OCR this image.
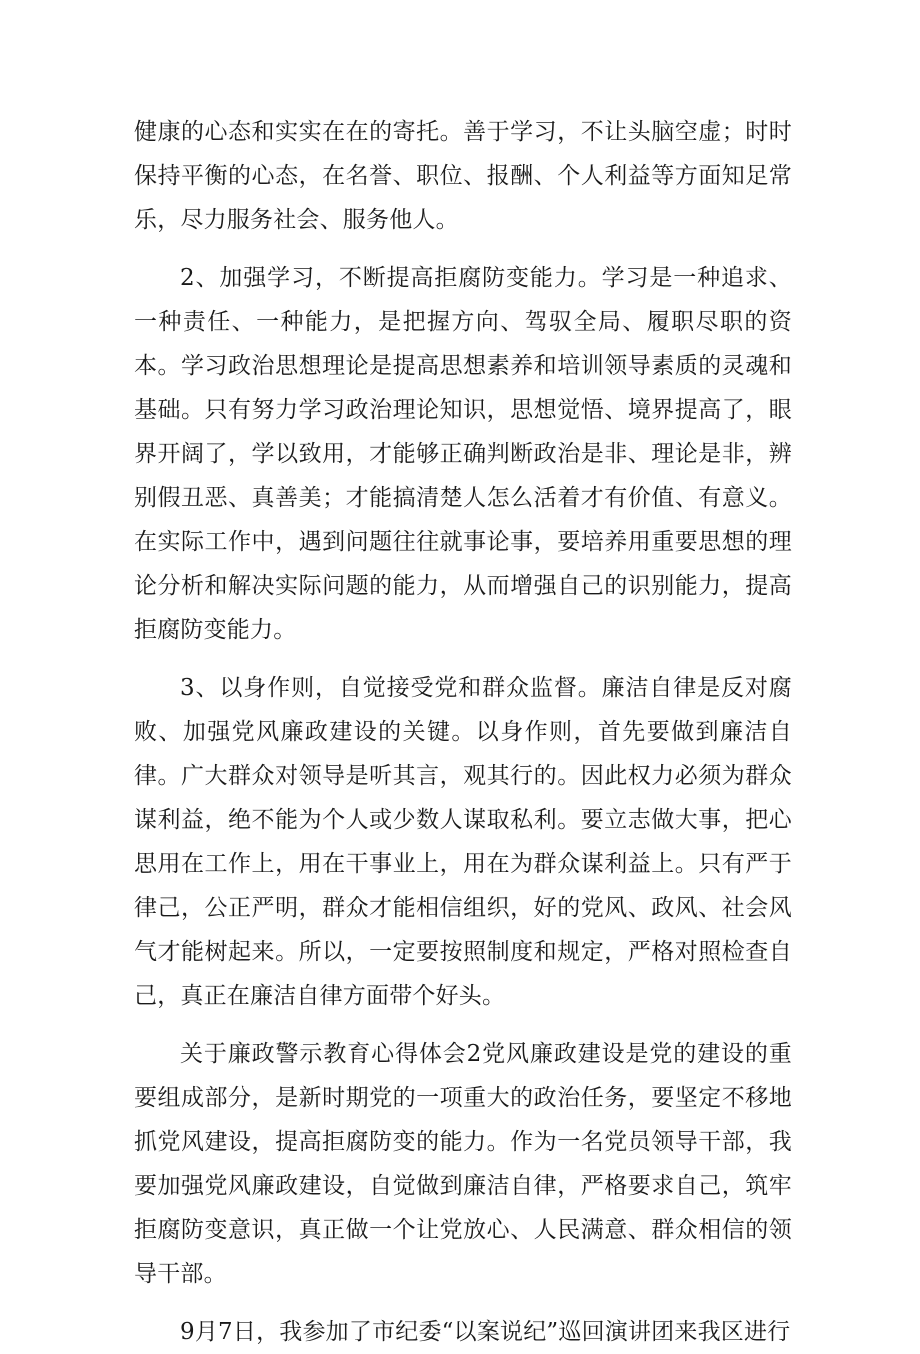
健康的心态和实实在在的寄托。善于学习，不让头脑空虚；时时保持平衡的心态，在名誉、职位、报酬、个人利益等方面知足常乐，尽力服务社会、服务他人。

2、加强学习，不断提高拒腐防变能力。学习是一种追求、一种责任、一种能力，是把握方向、驾驭全局、履职尽职的资本。学习政治思想理论是提高思想素养和培训领导素质的灵魂和基础。只有努力学习政治理论知识，思想觉悟、境界提高了，眼界开阔了，学以致用，才能够正确判断政治是非、理论是非，辨别假丑恶、真善美；才能搞清楚人怎么活着才有价值、有意义。在实际工作中，遇到问题往往就事论事，要培养用重要思想的理论分析和解决实际问题的能力，从而增强自己的识别能力，提高拒腐防变能力。

3、以身作则，自觉接受党和群众监督。廉洁自律是反对腐败、加强党风廉政建设的关键。以身作则，首先要做到廉洁自律。广大群众对领导是听其言，观其行的。因此权力必须为群众谋利益，绝不能为个人或少数人谋取私利。要立志做大事，把心思用在工作上，用在干事业上，用在为群众谋利益上。只有严于律己，公正严明，群众才能相信组织，好的党风、政风、社会风气才能树起来。所以，一定要按照制度和规定，严格对照检查自己，真正在廉洁自律方面带个好头。

关于廉政警示教育心得体会2党风廉政建设是党的建设的重要组成部分，是新时期党的一项重大的政治任务，要坚定不移地抓党风建设，提高拒腐防变的能力。作为一名党员领导干部，我要加强党风廉政建设，自觉做到廉洁自律，严格要求自己，筑牢拒腐防变意识，真正做一个让党放心、人民满意、群众相信的领导干部。

9月7日，我参加了市纪委“以案说纪”巡回演讲团来我区进行
